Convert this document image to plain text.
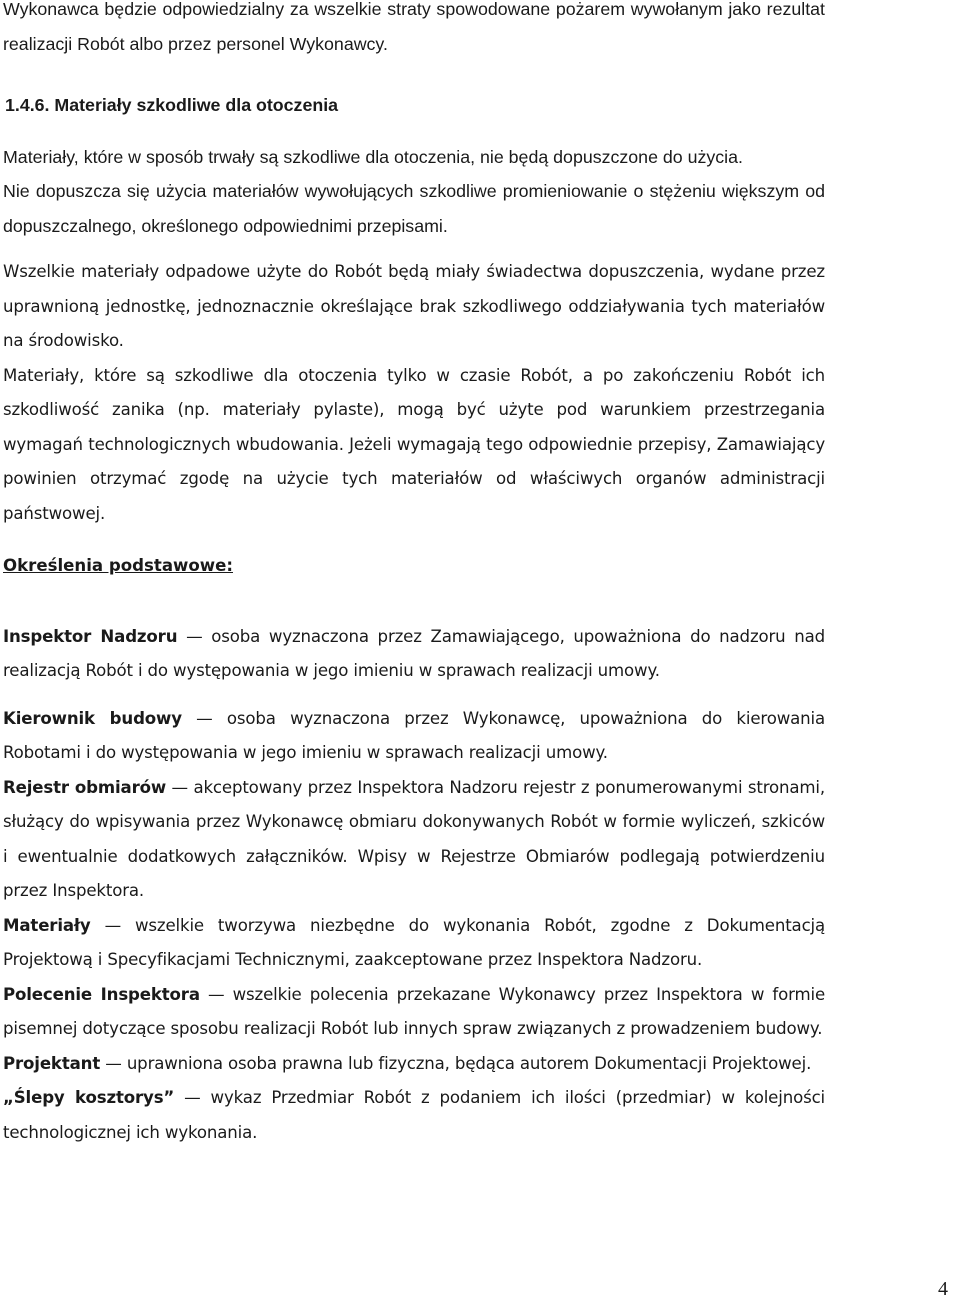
Wykonawca będzie odpowiedzialny za wszelkie straty spowodowane pożarem wywołanym jako rezultat realizacji Robót albo przez personel Wykonawcy.

1.4.6. Materiały szkodliwe dla otoczenia

Materiały, które w sposób trwały są szkodliwe dla otoczenia, nie będą dopuszczone do użycia.

Nie dopuszcza się użycia materiałów wywołujących szkodliwe promieniowanie o stężeniu większym od dopuszczalnego, określonego odpowiednimi przepisami.

Wszelkie materiały odpadowe użyte do Robót będą miały świadectwa dopuszczenia, wydane przez uprawnioną jednostkę, jednoznacznie określające brak szkodliwego oddziaływania tych materiałów na środowisko.

Materiały, które są szkodliwe dla otoczenia tylko w czasie Robót, a po zakończeniu Robót ich szkodliwość zanika (np. materiały pylaste), mogą być użyte pod warunkiem przestrzegania wymagań technologicznych wbudowania. Jeżeli wymagają tego odpowiednie przepisy, Zamawiający powinien otrzymać zgodę na użycie tych materiałów od właściwych organów administracji państwowej.

Określenia podstawowe:

Inspektor Nadzoru — osoba wyznaczona przez Zamawiającego, upoważniona do nadzoru nad realizacją Robót i do występowania w jego imieniu w sprawach realizacji umowy.

Kierownik budowy — osoba wyznaczona przez Wykonawcę, upoważniona do kierowania Robotami i do występowania w jego imieniu w sprawach realizacji umowy.

Rejestr obmiarów — akceptowany przez Inspektora Nadzoru rejestr z ponumerowanymi stronami, służący do wpisywania przez Wykonawcę obmiaru dokonywanych Robót w formie wyliczeń, szkiców i ewentualnie dodatkowych załączników. Wpisy w Rejestrze Obmiarów podlegają potwierdzeniu przez Inspektora.

Materiały — wszelkie tworzywa niezbędne do wykonania Robót, zgodne z Dokumentacją Projektową i Specyfikacjami Technicznymi, zaakceptowane przez Inspektora Nadzoru.

Polecenie Inspektora — wszelkie polecenia przekazane Wykonawcy przez Inspektora w formie pisemnej dotyczące sposobu realizacji Robót lub innych spraw związanych z prowadzeniem budowy.

Projektant — uprawniona osoba prawna lub fizyczna, będąca autorem Dokumentacji Projektowej.

„Ślepy kosztorys” — wykaz Przedmiar Robót z podaniem ich ilości (przedmiar) w kolejności technologicznej ich wykonania.

4
